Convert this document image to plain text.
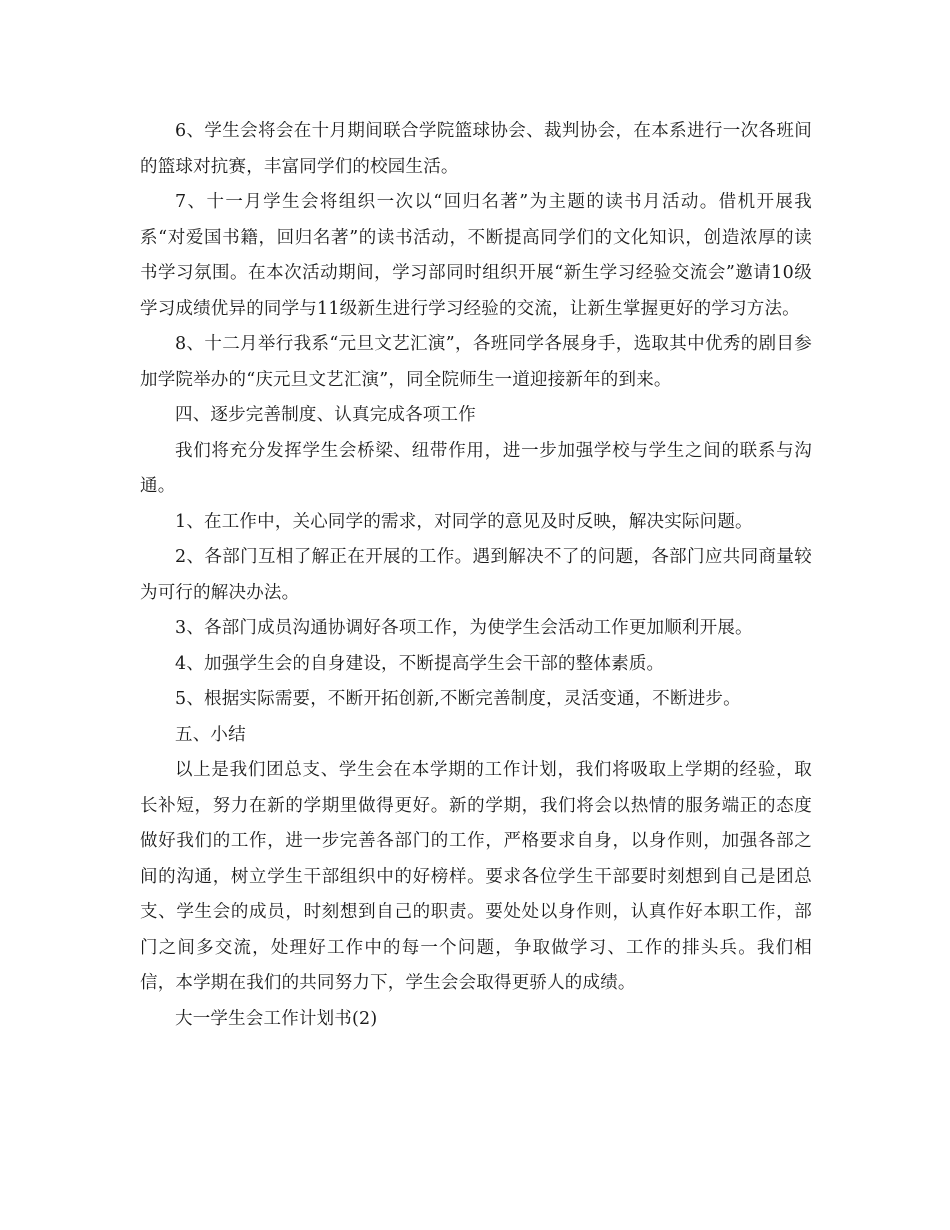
6、学生会将会在十月期间联合学院篮球协会、裁判协会，在本系进行一次各班间的篮球对抗赛，丰富同学们的校园生活。

7、十一月学生会将组织一次以“回归名著”为主题的读书月活动。借机开展我系“对爱国书籍，回归名著”的读书活动，不断提高同学们的文化知识，创造浓厚的读书学习氛围。在本次活动期间，学习部同时组织开展“新生学习经验交流会”邀请10级学习成绩优异的同学与11级新生进行学习经验的交流，让新生掌握更好的学习方法。

8、十二月举行我系“元旦文艺汇演”，各班同学各展身手，选取其中优秀的剧目参加学院举办的“庆元旦文艺汇演”，同全院师生一道迎接新年的到来。

四、逐步完善制度、认真完成各项工作

我们将充分发挥学生会桥梁、纽带作用，进一步加强学校与学生之间的联系与沟通。

1、在工作中，关心同学的需求，对同学的意见及时反映，解决实际问题。

2、各部门互相了解正在开展的工作。遇到解决不了的问题，各部门应共同商量较为可行的解决办法。

3、各部门成员沟通协调好各项工作，为使学生会活动工作更加顺利开展。

4、加强学生会的自身建设，不断提高学生会干部的整体素质。

5、根据实际需要，不断开拓创新,不断完善制度，灵活变通，不断进步。

五、小结

以上是我们团总支、学生会在本学期的工作计划，我们将吸取上学期的经验，取长补短，努力在新的学期里做得更好。新的学期，我们将会以热情的服务端正的态度做好我们的工作，进一步完善各部门的工作，严格要求自身，以身作则，加强各部之间的沟通，树立学生干部组织中的好榜样。要求各位学生干部要时刻想到自己是团总支、学生会的成员，时刻想到自己的职责。要处处以身作则，认真作好本职工作，部门之间多交流，处理好工作中的每一个问题，争取做学习、工作的排头兵。我们相信，本学期在我们的共同努力下，学生会会取得更骄人的成绩。

大一学生会工作计划书(2)
